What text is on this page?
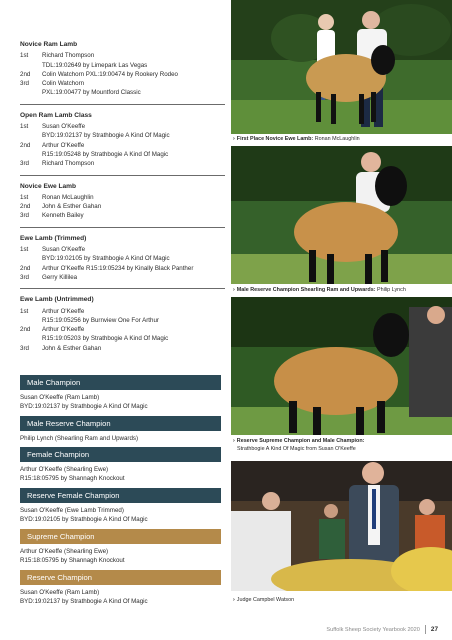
Novice Ram Lamb
1st	Richard Thompson
TDL:19:02649 by Limepark Las Vegas
2nd	Colin Watchorn PXL:19:00474 by Rookery Rodeo
3rd	Colin Watchorn
PXL:19:00477 by Mountford Classic
Open Ram Lamb Class
1st	Susan O'Keeffe
BYD:19:02137 by Strathbogie A Kind Of Magic
2nd	Arthur O'Keeffe
R15:19:05248 by Strathbogie A Kind Of Magic
3rd	Richard Thompson
Novice Ewe Lamb
1st	Ronan McLaughlin
2nd	John & Esther Gahan
3rd	Kenneth Bailey
Ewe Lamb (Trimmed)
1st	Susan O'Keeffe
BYD:19:02105 by Strathbogie A Kind Of Magic
2nd	Arthur O'Keeffe R15:19:05234 by Kinally Black Panther
3rd	Gerry Killilea
Ewe Lamb (Untrimmed)
1st	Arthur O'Keeffe
R15:19:05256 by Burnview One For Arthur
2nd	Arthur O'Keeffe
R15:19:05203 by Strathbogie A Kind Of Magic
3rd	John & Esther Gahan
Male Champion
Susan O'Keeffe (Ram Lamb)
BYD:19:02137 by Strathbogie A Kind Of Magic
Male Reserve Champion
Philip Lynch (Shearling Ram and Upwards)
Female Champion
Arthur O'Keeffe (Shearling Ewe)
R15:18:05795 by Shannagh Knockout
Reserve Female Champion
Susan O'Keeffe (Ewe Lamb Trimmed)
BYD:19:02105 by Strathbogie A Kind Of Magic
Supreme Champion
Arthur O'Keeffe (Shearling Ewe)
R15:18:05795 by Shannagh Knockout
Reserve Champion
Susan O'Keeffe (Ram Lamb)
BYD:19:02137 by Strathbogie A Kind Of Magic
› First Place Novice Ewe Lamb: Ronan McLaughlin
› Male Reserve Champion Shearling Ram and Upwards: Philip Lynch
› Reserve Supreme Champion and Male Champion:
Strathbogie A Kind Of Magic from Susan O'Keeffe
› Judge Campbel Watson
Suffolk Sheep Society Yearbook 2020 27
